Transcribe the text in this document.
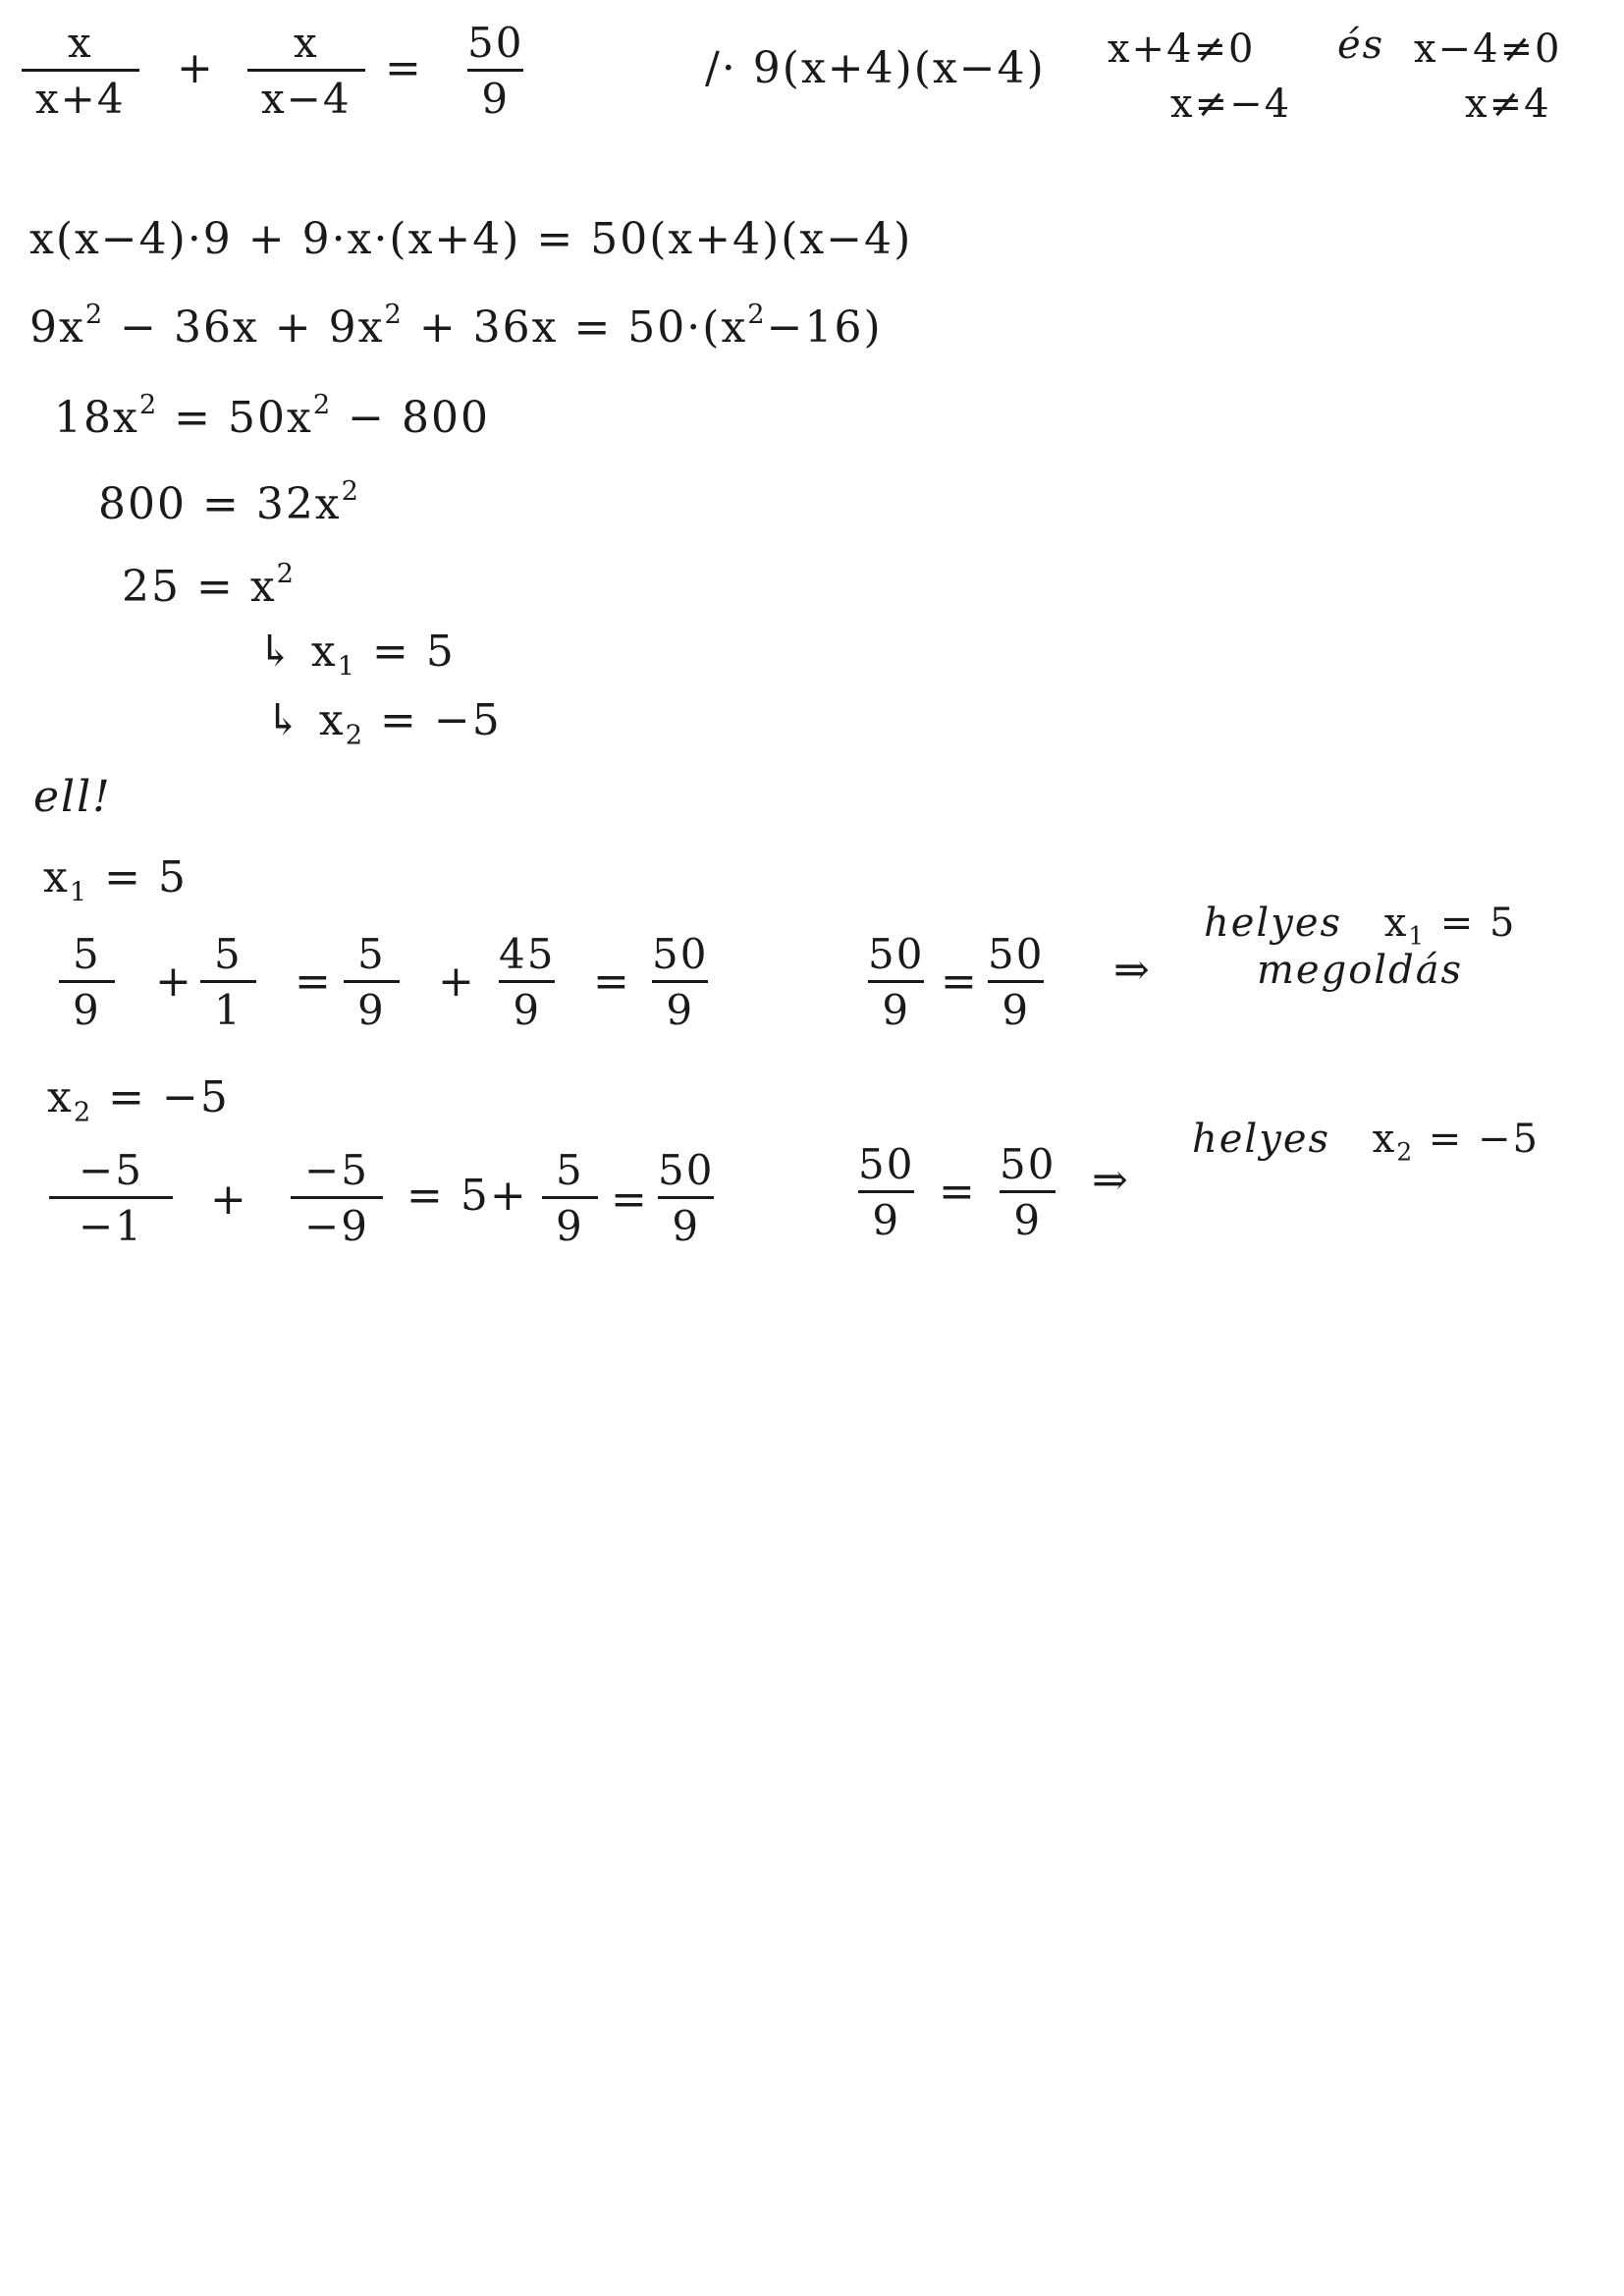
$\frac{x}{x+4} + \frac{x}{x-4} = \frac{50}{9}$	/· 9(x+4)(x−4) x+4≠0 és x−4≠0
x≠−4	x≠4
x(x−4)·9 + 9·x·(x+4) = 50(x+4)(x−4)
$9x^2 - 36x + 9x^2 + 36x = 50\cdot(x^2-16)$
$18x^2 = 50x^2 - 800$
$800 = 32x^2$
$25 = x^2$
↳ $x_1 = 5$
↳ $x_2 = -5$
ell!
$x_1 = 5$
$\frac{5}{9} + \frac{5}{1} = \frac{5}{9} + \frac{45}{9} = \frac{50}{9}$	$\frac{50}{9}$ =
$\frac{50}{9}$ ⇒
helyes $x_1 = 5$
megoldás
$x_2 = -5$
$\frac{-5}{-1} + \frac{-5}{-9} = 5+ \frac{5}{9}$ =
$\frac{50}{9}$	$\frac{50}{9} = \frac{50}{9}$ ⇒
helyes $x_2 = -5$
